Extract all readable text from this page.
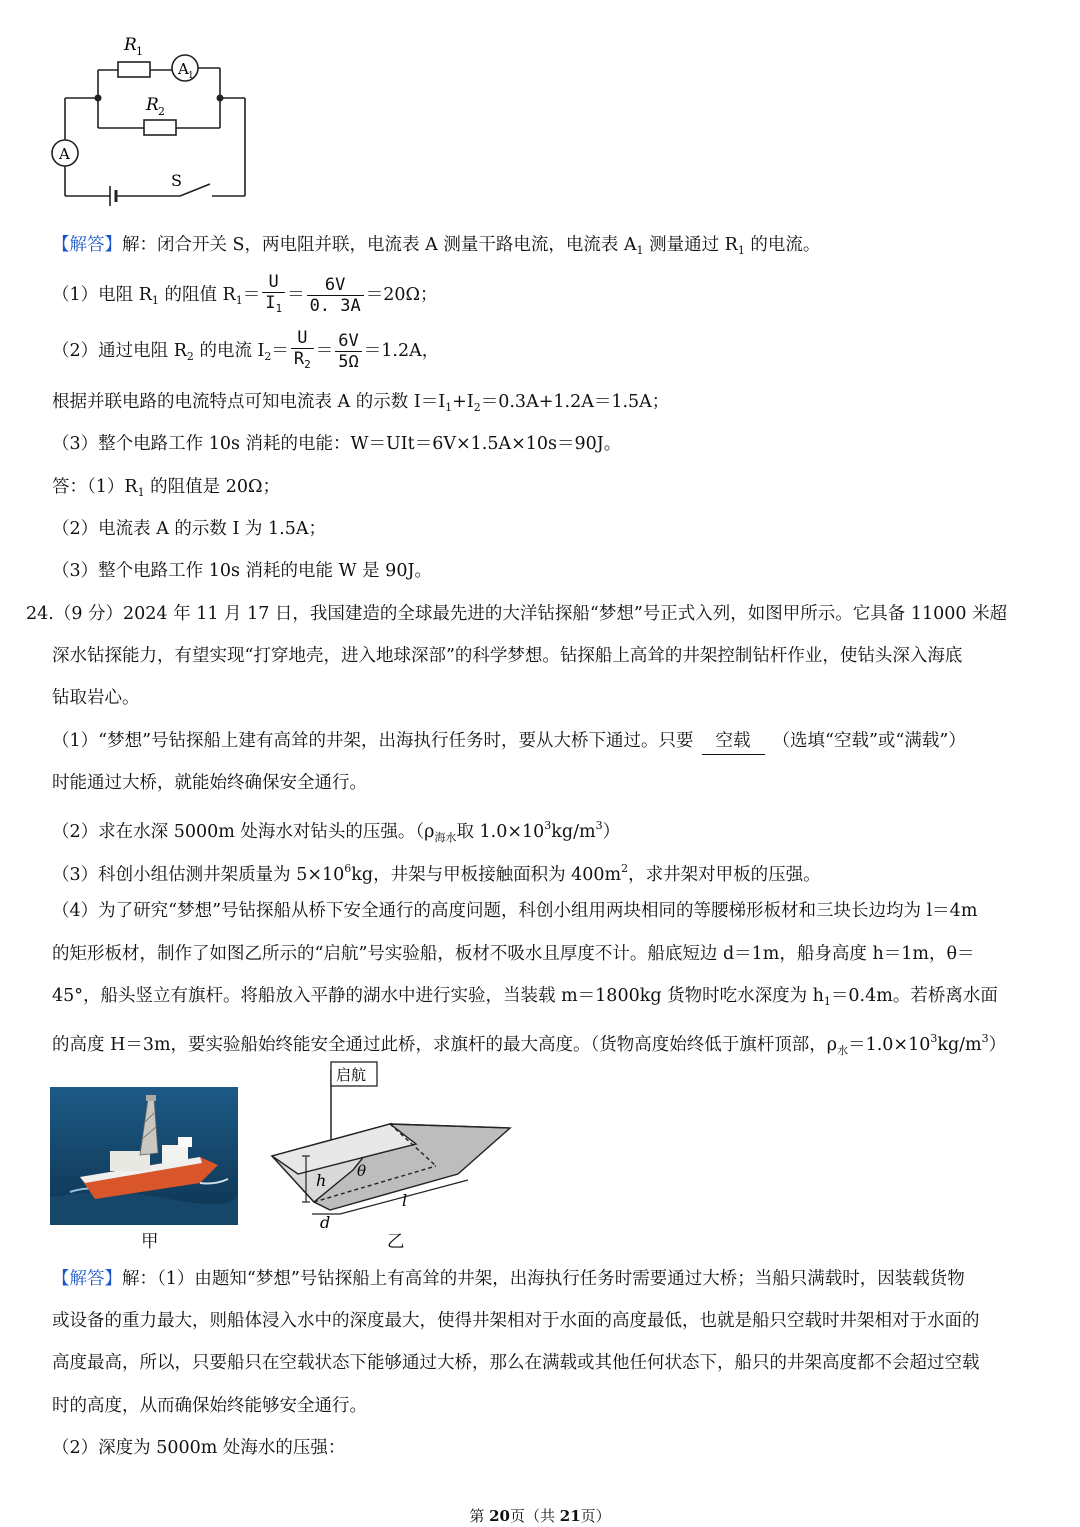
R 1
A 1
R 2
A
S
【解答】解：闭合开关 S，两电阻并联，电流表 A 测量干路电流，电流表 $A_1$ 测量通过 $R_1$ 的电流。
（1）电阻 $R_1$ 的阻值 $R_1= \frac{U}{I_1} = \frac{6V}{0. 3A} =20\Omega$；
（2）通过电阻 $R_2$ 的电流 $I_2= \frac{U}{R_2} = \frac{6V}{5\Omega} =1.2A$，
根据并联电路的电流特点可知电流表 A 的示数 $I=I_1+I_2=0.3A+1.2A=1.5A$；
（3）整个电路工作 10s 消耗的电能：W＝UIt＝6V×1.5A×10s＝90J。
答：$(1)R_1$ 的阻值是 20Ω；
（2）电流表 A 的示数 I 为 1.5A；
（3）整个电路工作 10s 消耗的电能 W 是 90J。
24.（9 分）2024 年 11 月 17 日，我国建造的全球最先进的大洋钻探船“梦想”号正式入列，如图甲所示。它具备 11000 米超
深水钻探能力，有望实现“打穿地壳，进入地球深部”的科学梦想。钻探船上高耸的井架控制钻杆作业，使钻头深入海底
钻取岩心。
（1）“梦想”号钻探船上建有高耸的井架，出海执行任务时，要从大桥下通过。只要 空载 （选填“空载”或“满载”）
时能通过大桥，就能始终确保安全通行。
（2）求在水深 5000m 处海水对钻头的压强。（$\rho_{海水}$取 $1.0\times 10^3kg/m^3$）
（3）科创小组估测井架质量为 $5\times 10^6kg$，井架与甲板接触面积为 $400m^2$，求井架对甲板的压强。
（4）为了研究“梦想”号钻探船从桥下安全通行的高度问题，科创小组用两块相同的等腰梯形板材和三块长边均为 l＝4m
的矩形板材，制作了如图乙所示的“启航”号实验船，板材不吸水且厚度不计。船底短边 d＝1m，船身高度 h＝1m，θ＝
45°，船头竖立有旗杆。将船放入平静的湖水中进行实验，当装载 m＝1800kg 货物时吃水深度为 $h_1=0.4m$。若桥离水面
的高度 H＝3m，要实验船始终能安全通过此桥，求旗杆的最大高度。（货物高度始终低于旗杆顶部，$\rho_水=1.0\times 10^3kg/m^3$）
甲
启航
h θ
l
d
乙
【解答】解：（1）由题知“梦想”号钻探船上有高耸的井架，出海执行任务时需要通过大桥；当船只满载时，因装载货物
或设备的重力最大，则船体浸入水中的深度最大，使得井架相对于水面的高度最低，也就是船只空载时井架相对于水面的
高度最高，所以，只要船只在空载状态下能够通过大桥，那么在满载或其他任何状态下，船只的井架高度都不会超过空载
时的高度，从而确保始终能够安全通行。
（2）深度为 5000m 处海水的压强：
第 20页（共 21页）
